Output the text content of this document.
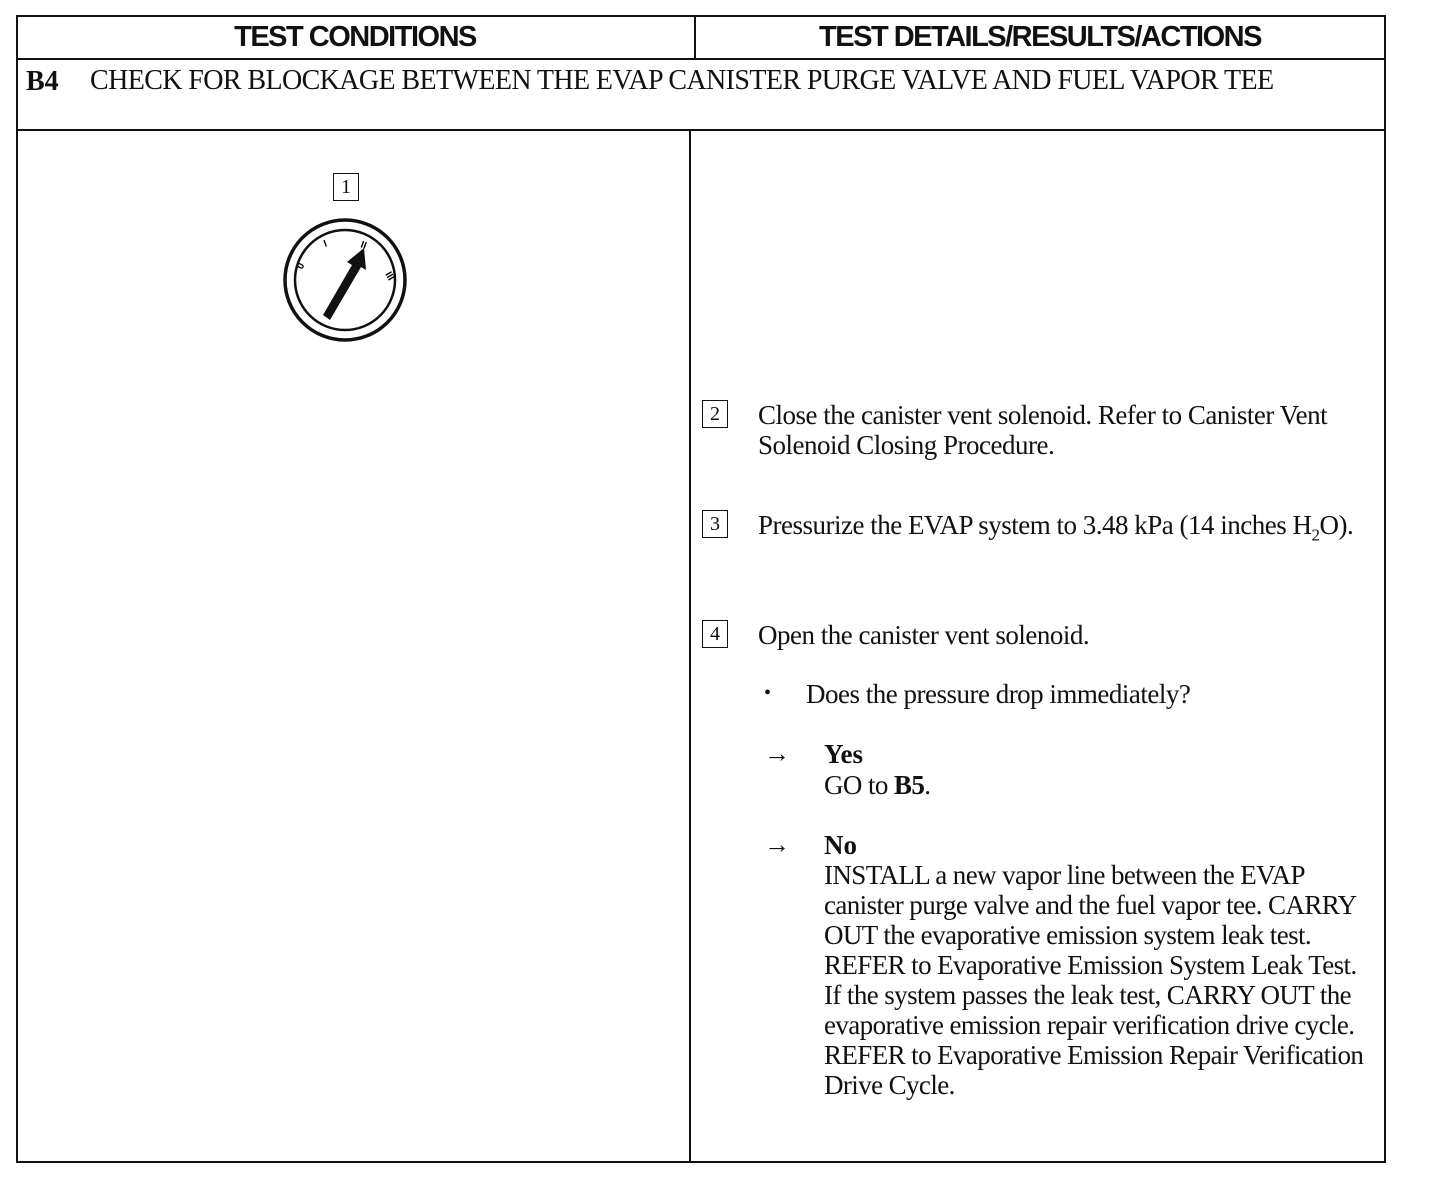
TEST CONDITIONS	TEST DETAILS/RESULTS/ACTIONS
B4 CHECK FOR BLOCKAGE BETWEEN THE EVAP CANISTER PURGE VALVE AND FUEL VAPOR TEE
1
0
I	II
III
2 Close the canister vent solenoid. Refer to Canister Vent Solenoid Closing Procedure.
3 Pressurize the EVAP system to 3.48 kPa (14 inches $H_2O$).
4 Open the canister vent solenoid.
• Does the pressure drop immediately?
→ Yes
GO to B5.
→ No
INSTALL a new vapor line between the EVAP canister purge valve and the fuel vapor tee. CARRY OUT the evaporative emission system leak test. REFER to Evaporative Emission System Leak Test. If the system passes the leak test, CARRY OUT the evaporative emission repair verification drive cycle. REFER to Evaporative Emission Repair Verification Drive Cycle.
